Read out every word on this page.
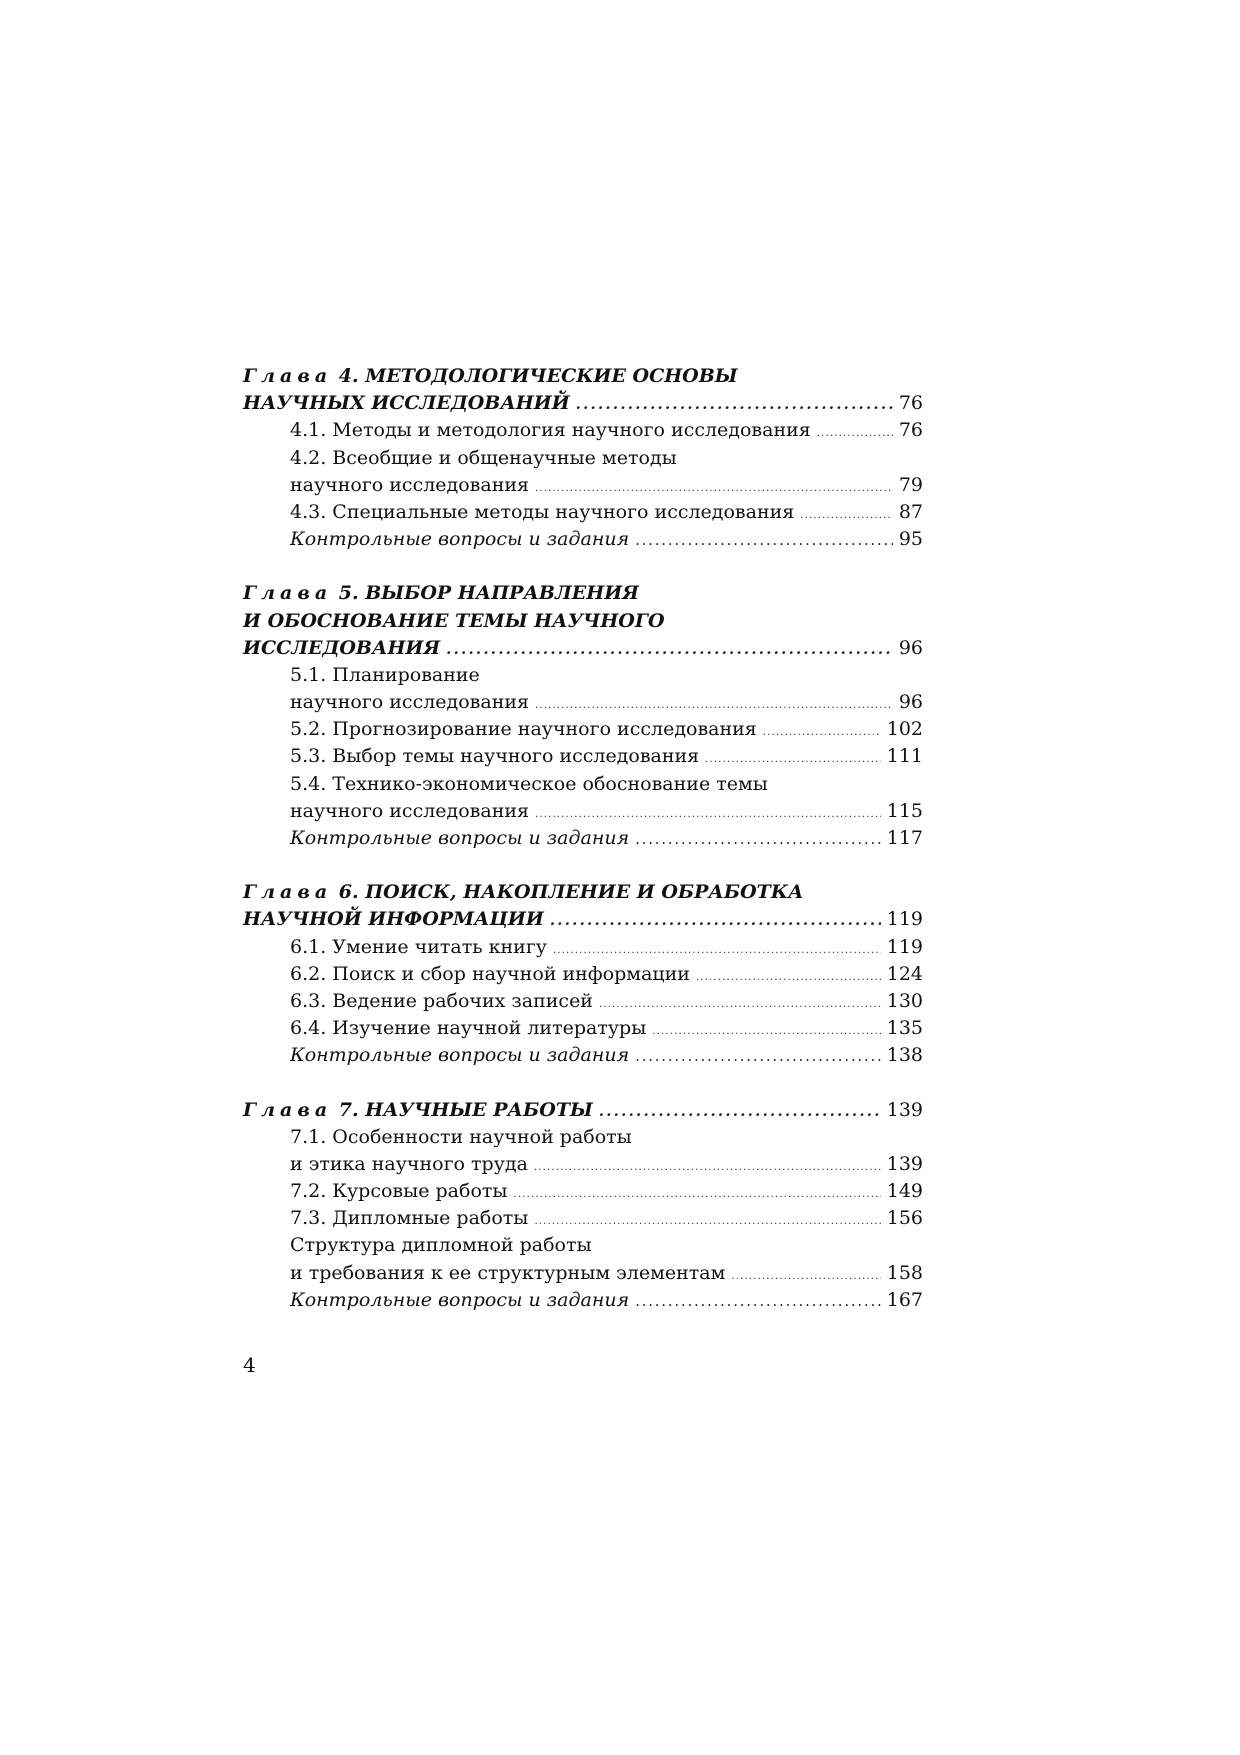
Глава 4. МЕТОДОЛОГИЧЕСКИЕ ОСНОВЫ
НАУЧНЫХ ИССЛЕДОВАНИЙ . . .	76
4.1. Методы и методология научного исследования . . .	76
4.2. Всеобщие и общенаучные методы
научного исследования . . .	79
4.3. Специальные методы научного исследования . . .	87
Контрольные вопросы и задания . . .	95
Глава 5. ВЫБОР НАПРАВЛЕНИЯ
И ОБОСНОВАНИЕ ТЕМЫ НАУЧНОГО
ИССЛЕДОВАНИЯ . . .	96
5.1. Планирование
научного исследования . . .	96
5.2. Прогнозирование научного исследования . . .	102
5.3. Выбор темы научного исследования . . .	111
5.4. Технико-экономическое обоснование темы
научного исследования . . .	115
Контрольные вопросы и задания . . .	117
Глава 6. ПОИСК, НАКОПЛЕНИЕ И ОБРАБОТКА
НАУЧНОЙ ИНФОРМАЦИИ . . .	119
6.1. Умение читать книгу . . .	119
6.2. Поиск и сбор научной информации . . .	124
6.3. Ведение рабочих записей . . .	130
6.4. Изучение научной литературы . . .	135
Контрольные вопросы и задания . . .	138
Глава 7. НАУЧНЫЕ РАБОТЫ . . .	139
7.1. Особенности научной работы
и этика научного труда . . .	139
7.2. Курсовые работы . . .	149
7.3. Дипломные работы . . .	156
Структура дипломной работы
и требования к ее структурным элементам . . .	158
Контрольные вопросы и задания . . .	167
4
